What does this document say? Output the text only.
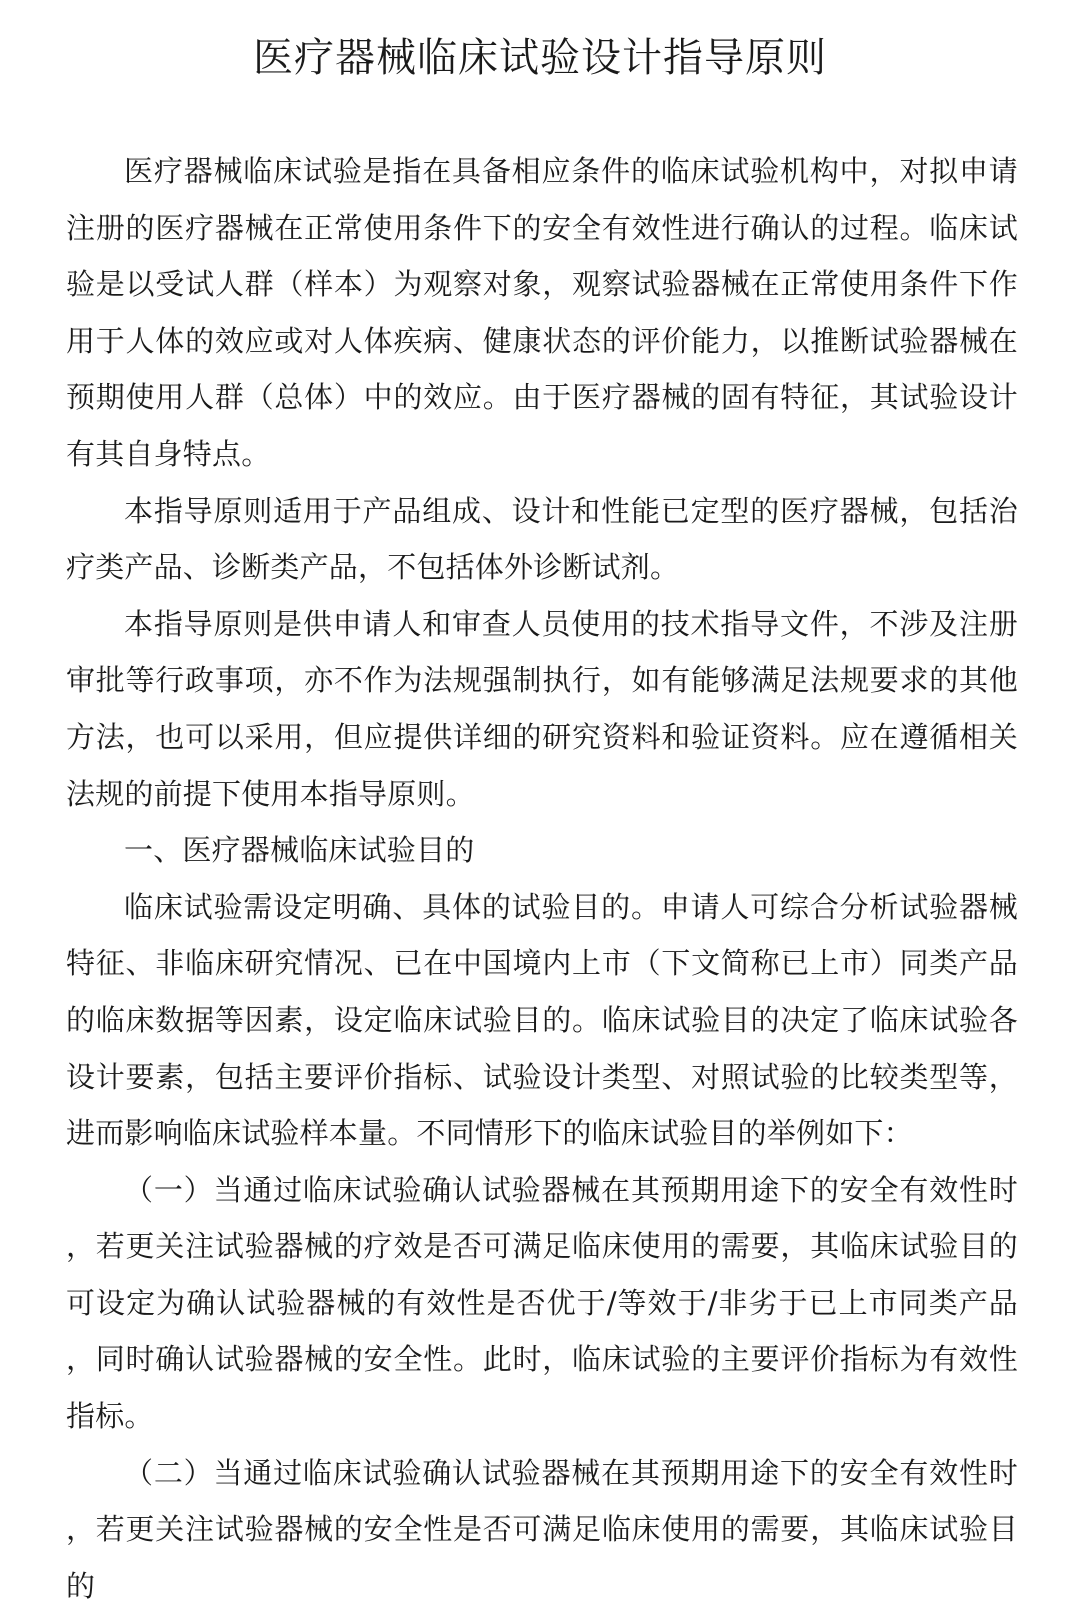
医疗器械临床试验设计指导原则

医疗器械临床试验是指在具备相应条件的临床试验机构中，对拟申请注册的医疗器械在正常使用条件下的安全有效性进行确认的过程。临床试验是以受试人群（样本）为观察对象，观察试验器械在正常使用条件下作用于人体的效应或对人体疾病、健康状态的评价能力，以推断试验器械在预期使用人群（总体）中的效应。由于医疗器械的固有特征，其试验设计有其自身特点。

本指导原则适用于产品组成、设计和性能已定型的医疗器械，包括治疗类产品、诊断类产品，不包括体外诊断试剂。

本指导原则是供申请人和审查人员使用的技术指导文件，不涉及注册审批等行政事项，亦不作为法规强制执行，如有能够满足法规要求的其他方法，也可以采用，但应提供详细的研究资料和验证资料。应在遵循相关法规的前提下使用本指导原则。

一、医疗器械临床试验目的

临床试验需设定明确、具体的试验目的。申请人可综合分析试验器械特征、非临床研究情况、已在中国境内上市（下文简称已上市）同类产品的临床数据等因素，设定临床试验目的。临床试验目的决定了临床试验各设计要素，包括主要评价指标、试验设计类型、对照试验的比较类型等，进而影响临床试验样本量。不同情形下的临床试验目的举例如下：

（一）当通过临床试验确认试验器械在其预期用途下的安全有效性时，若更关注试验器械的疗效是否可满足临床使用的需要，其临床试验目的可设定为确认试验器械的有效性是否优于/等效于/非劣于已上市同类产品，同时确认试验器械的安全性。此时，临床试验的主要评价指标为有效性指标。

（二）当通过临床试验确认试验器械在其预期用途下的安全有效性时，若更关注试验器械的安全性是否可满足临床使用的需要，其临床试验目的
